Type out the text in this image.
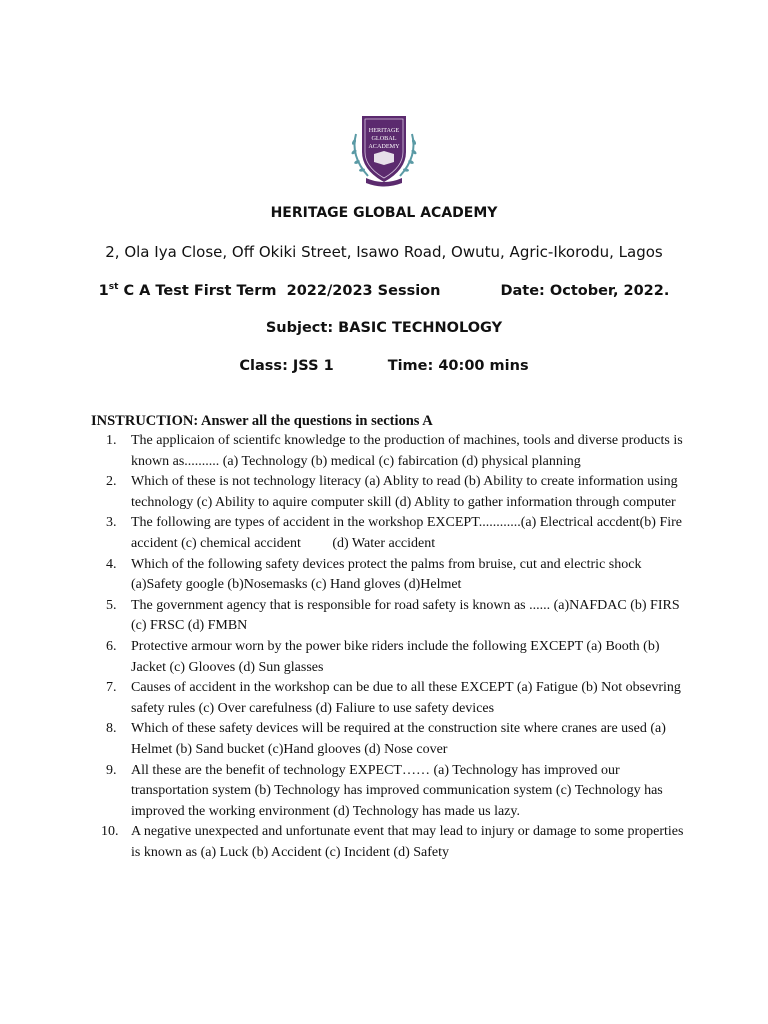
HERITAGE
GLOBAL
ACADEMY
HERITAGE GLOBAL ACADEMY
2, Ola Iya Close, Off Okiki Street, Isawo Road, Owutu, Agric-Ikorodu, Lagos
1st C A Test First Term  2022/2023 Session	Date: October, 2022.
Subject: BASIC TECHNOLOGY
Class: JSS 1	Time: 40:00 mins
INSTRUCTION: Answer all the questions in sections A
1.	The applicaion of scientifc knowledge to the production of machines, tools and diverse products is known as.......... (a) Technology (b) medical (c) fabircation (d) physical planning
2.	Which of these is not technology literacy (a) Ablity to read (b) Ability to create information using technology (c) Ability to aquire computer skill (d) Ablity to gather information through computer
3.	The following are types of accident in the workshop EXCEPT............(a) Electrical accdent(b) Fire accident (c) chemical accident         (d) Water accident
4.	Which of the following safety devices protect the palms from bruise, cut and electric shock (a)Safety google (b)Nosemasks (c) Hand gloves (d)Helmet
5.	The government agency that is responsible for road safety is known as ...... (a)NAFDAC (b) FIRS (c) FRSC (d) FMBN
6.	Protective armour worn by the power bike riders include the following EXCEPT (a) Booth (b) Jacket (c) Glooves (d) Sun glasses
7.	Causes of accident in the workshop can be due to all these EXCEPT (a) Fatigue (b) Not obsevring safety rules (c) Over carefulness (d) Faliure to use safety devices
8.	Which of these safety devices will be required at the construction site where cranes are used (a) Helmet (b) Sand bucket (c)Hand glooves (d) Nose cover
9.	All these are the benefit of technology EXPECT…… (a) Technology has improved our transportation system (b) Technology has improved communication system (c) Technology has improved the working environment (d) Technology has made us lazy.
10. A negative unexpected and unfortunate event that may lead to injury or damage to some properties is known as (a) Luck (b) Accident (c) Incident (d) Safety
